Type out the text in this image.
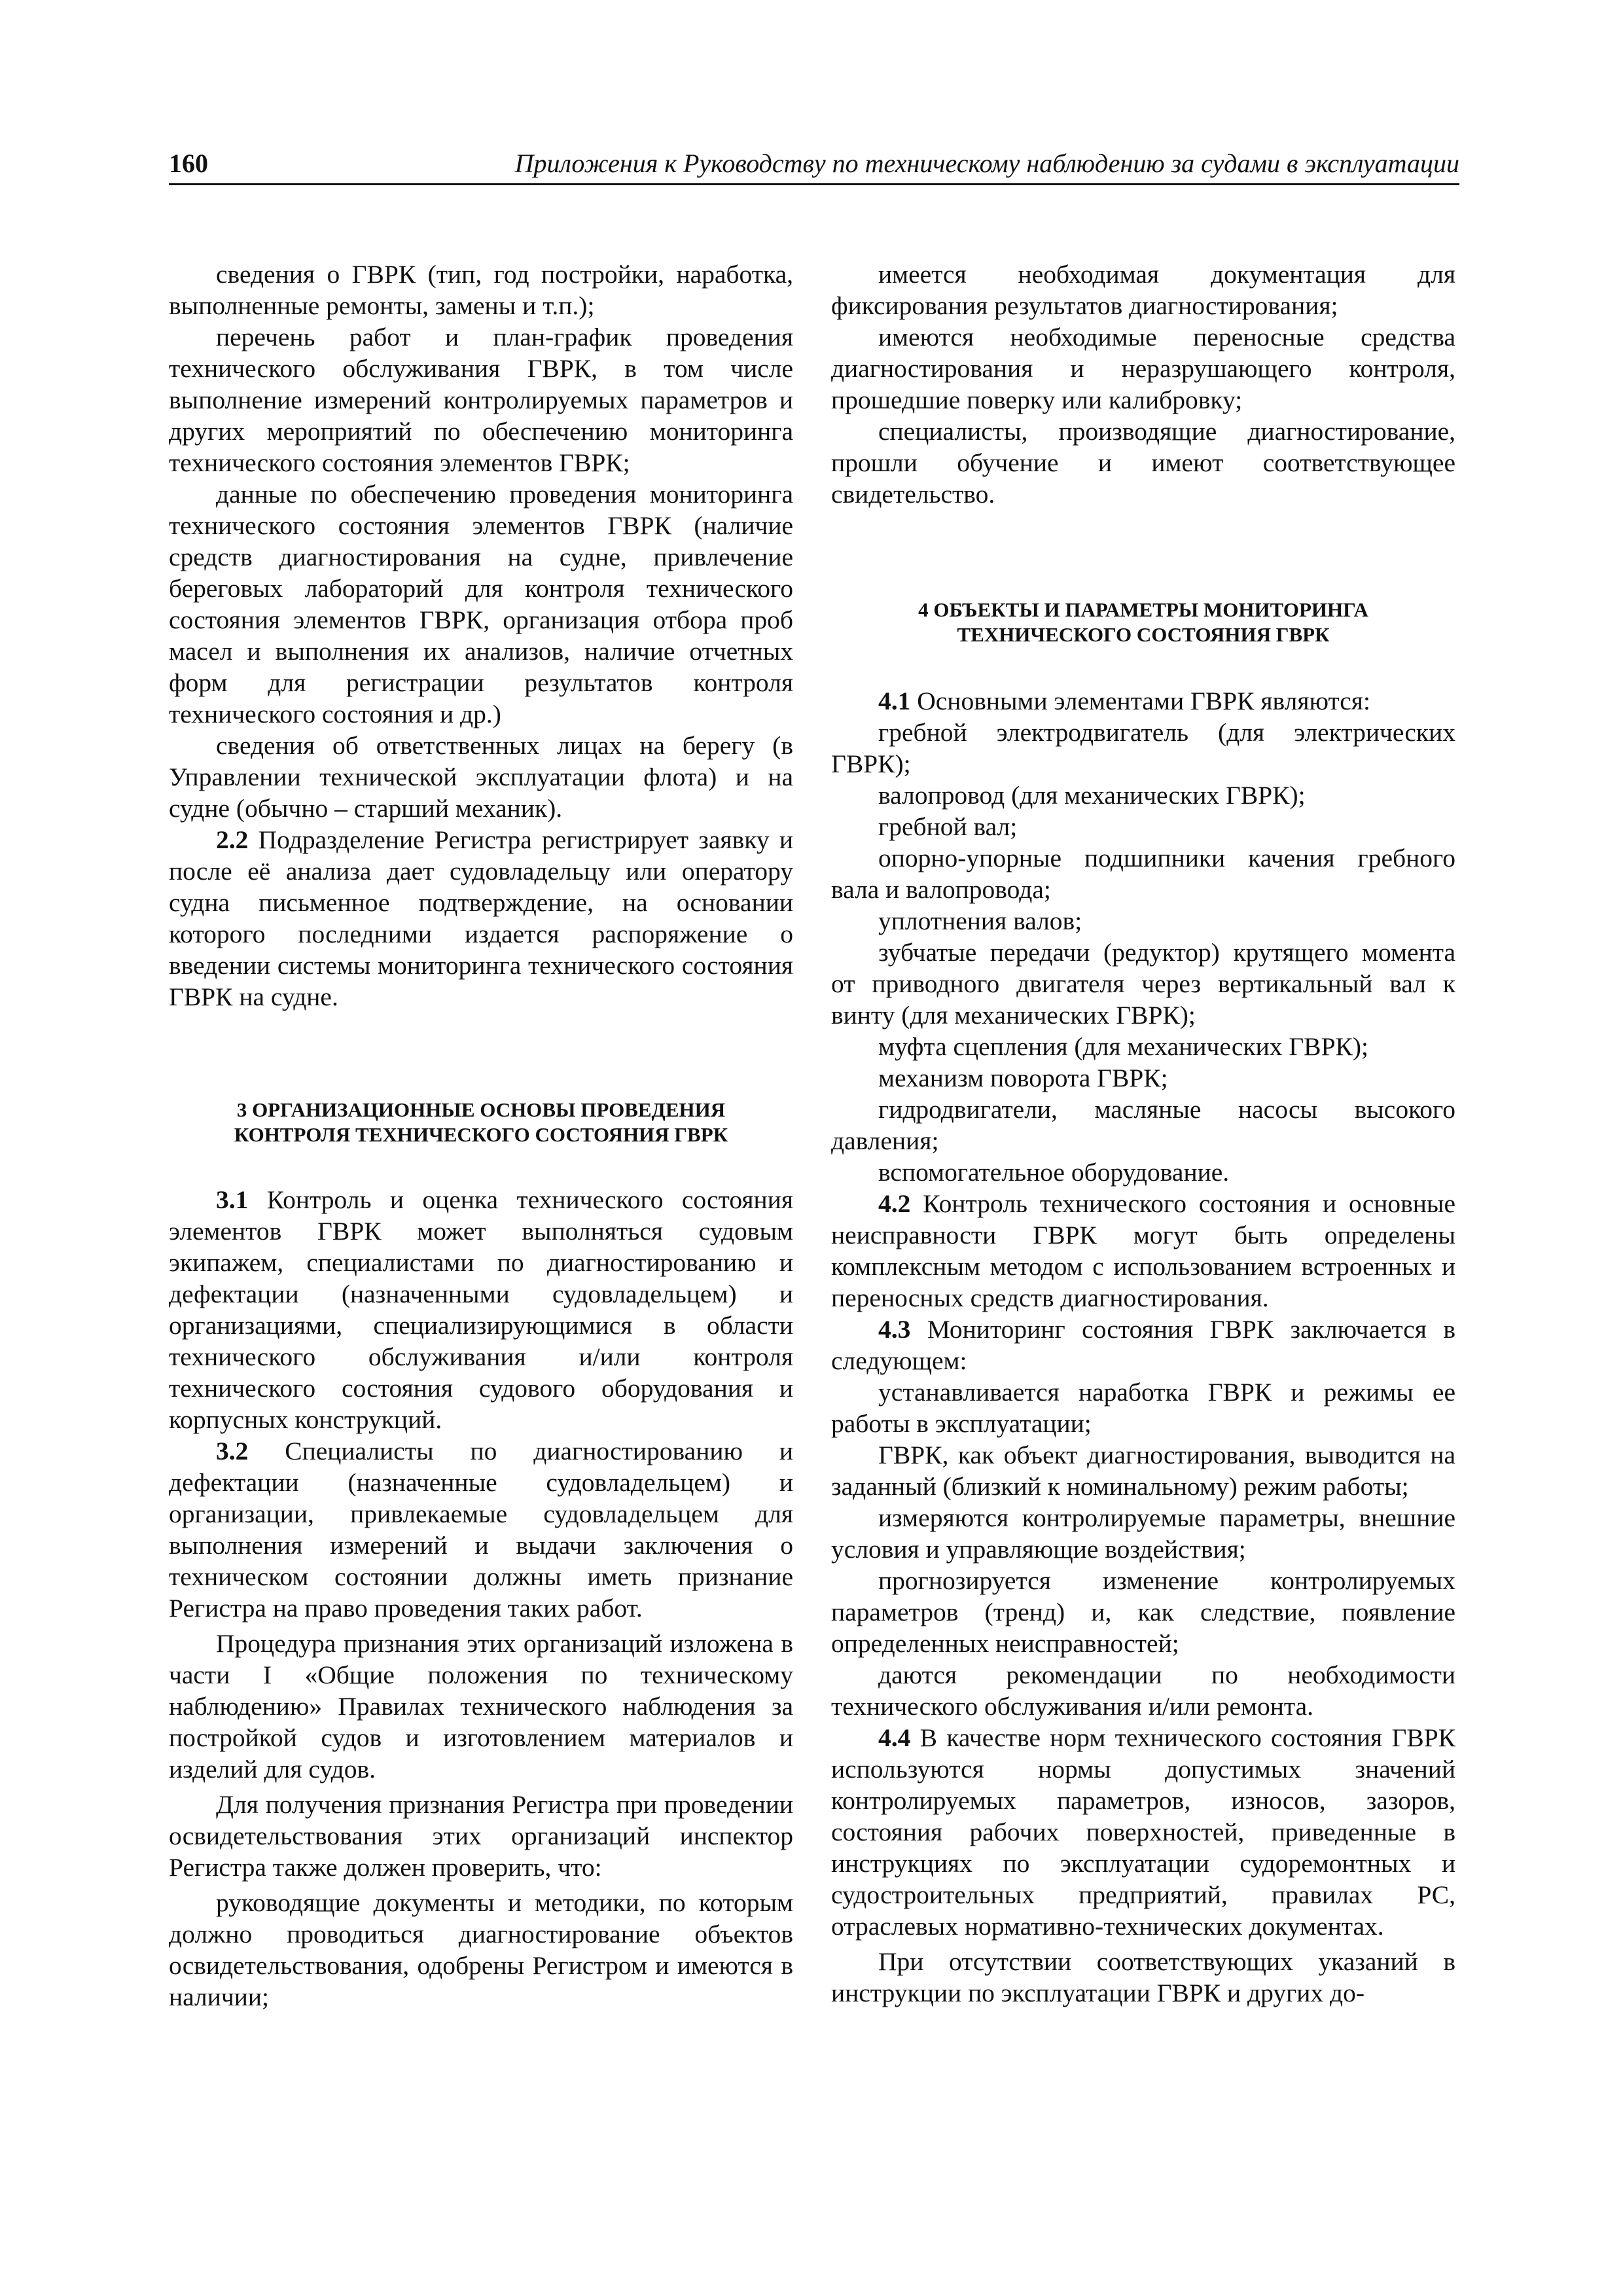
160	Приложения к Руководству по техническому наблюдению за судами в эксплуатации

сведения о ГВРК (тип, год постройки, наработка, выполненные ремонты, замены и т.п.);

перечень работ и план-график проведения технического обслуживания ГВРК, в том числе выполнение измерений контролируемых параметров и других мероприятий по обеспечению мониторинга технического состояния элементов ГВРК;

данные по обеспечению проведения мониторинга технического состояния элементов ГВРК (наличие средств диагностирования на судне, привлечение береговых лабораторий для контроля технического состояния элементов ГВРК, организация отбора проб масел и выполнения их анализов, наличие отчетных форм для регистрации результатов контроля технического состояния и др.)

сведения об ответственных лицах на берегу (в Управлении технической эксплуатации флота) и на судне (обычно – старший механик).

2.2 Подразделение Регистра регистрирует заявку и после её анализа дает судовладельцу или оператору судна письменное подтверждение, на основании которого последними издается распоряжение о введении системы мониторинга технического состояния ГВРК на судне.

3 ОРГАНИЗАЦИОННЫЕ ОСНОВЫ ПРОВЕДЕНИЯ
КОНТРОЛЯ ТЕХНИЧЕСКОГО СОСТОЯНИЯ ГВРК

3.1 Контроль и оценка технического состояния элементов ГВРК может выполняться судовым экипажем, специалистами по диагностированию и дефектации (назначенными судовладельцем) и организациями, специализирующимися в области технического обслуживания и/или контроля технического состояния судового оборудования и корпусных конструкций.

3.2 Специалисты по диагностированию и дефектации (назначенные судовладельцем) и организации, привлекаемые судовладельцем для выполнения измерений и выдачи заключения о техническом состоянии должны иметь признание Регистра на право проведения таких работ.

Процедура признания этих организаций изложена в части I «Общие положения по техническому наблюдению» Правилах технического наблюдения за постройкой судов и изготовлением материалов и изделий для судов.

Для получения признания Регистра при проведении освидетельствования этих организаций инспектор Регистра также должен проверить, что:

руководящие документы и методики, по которым должно проводиться диагностирование объектов освидетельствования, одобрены Регистром и имеются в наличии;

имеется необходимая документация для фиксирования результатов диагностирования;

имеются необходимые переносные средства диагностирования и неразрушающего контроля, прошедшие поверку или калибровку;

специалисты, производящие диагностирование, прошли обучение и имеют соответствующее свидетельство.

4 ОБЪЕКТЫ И ПАРАМЕТРЫ МОНИТОРИНГА
ТЕХНИЧЕСКОГО СОСТОЯНИЯ ГВРК

4.1 Основными элементами ГВРК являются:

гребной электродвигатель (для электрических ГВРК);

валопровод (для механических ГВРК);

гребной вал;

опорно-упорные подшипники качения гребного вала и валопровода;

уплотнения валов;

зубчатые передачи (редуктор) крутящего момента от приводного двигателя через вертикальный вал к винту (для механических ГВРК);

муфта сцепления (для механических ГВРК);

механизм поворота ГВРК;

гидродвигатели, масляные насосы высокого давления;

вспомогательное оборудование.

4.2 Контроль технического состояния и основные неисправности ГВРК могут быть определены комплексным методом с использованием встроенных и переносных средств диагностирования.

4.3 Мониторинг состояния ГВРК заключается в следующем:

устанавливается наработка ГВРК и режимы ее работы в эксплуатации;

ГВРК, как объект диагностирования, выводится на заданный (близкий к номинальному) режим работы;

измеряются контролируемые параметры, внешние условия и управляющие воздействия;

прогнозируется изменение контролируемых параметров (тренд) и, как следствие, появление определенных неисправностей;

даются рекомендации по необходимости технического обслуживания и/или ремонта.

4.4 В качестве норм технического состояния ГВРК используются нормы допустимых значений контролируемых параметров, износов, зазоров, состояния рабочих поверхностей, приведенные в инструкциях по эксплуатации судоремонтных и судостроительных предприятий, правилах РС, отраслевых нормативно-технических документах.

При отсутствии соответствующих указаний в инструкции по эксплуатации ГВРК и других до-
